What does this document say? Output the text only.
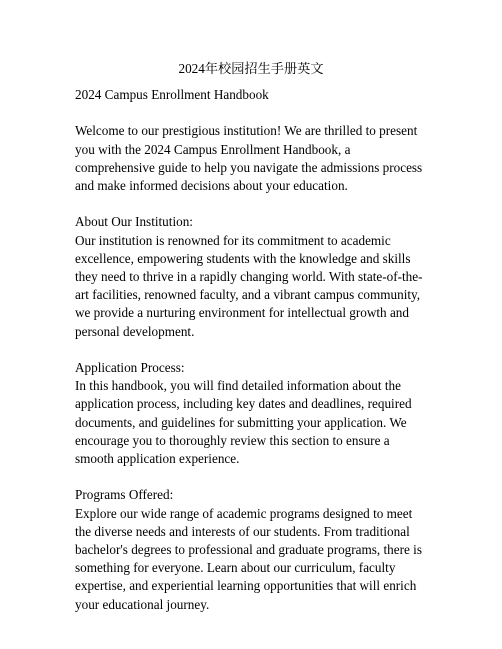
2024年校园招生手册英文

2024 Campus Enrollment Handbook

Welcome to our prestigious institution! We are thrilled to present
you with the 2024 Campus Enrollment Handbook, a
comprehensive guide to help you navigate the admissions process
and make informed decisions about your education.

About Our Institution:
Our institution is renowned for its commitment to academic
excellence, empowering students with the knowledge and skills
they need to thrive in a rapidly changing world. With state-of-the-
art facilities, renowned faculty, and a vibrant campus community,
we provide a nurturing environment for intellectual growth and
personal development.

Application Process:
In this handbook, you will find detailed information about the
application process, including key dates and deadlines, required
documents, and guidelines for submitting your application. We
encourage you to thoroughly review this section to ensure a
smooth application experience.

Programs Offered:
Explore our wide range of academic programs designed to meet
the diverse needs and interests of our students. From traditional
bachelor's degrees to professional and graduate programs, there is
something for everyone. Learn about our curriculum, faculty
expertise, and experiential learning opportunities that will enrich
your educational journey.
